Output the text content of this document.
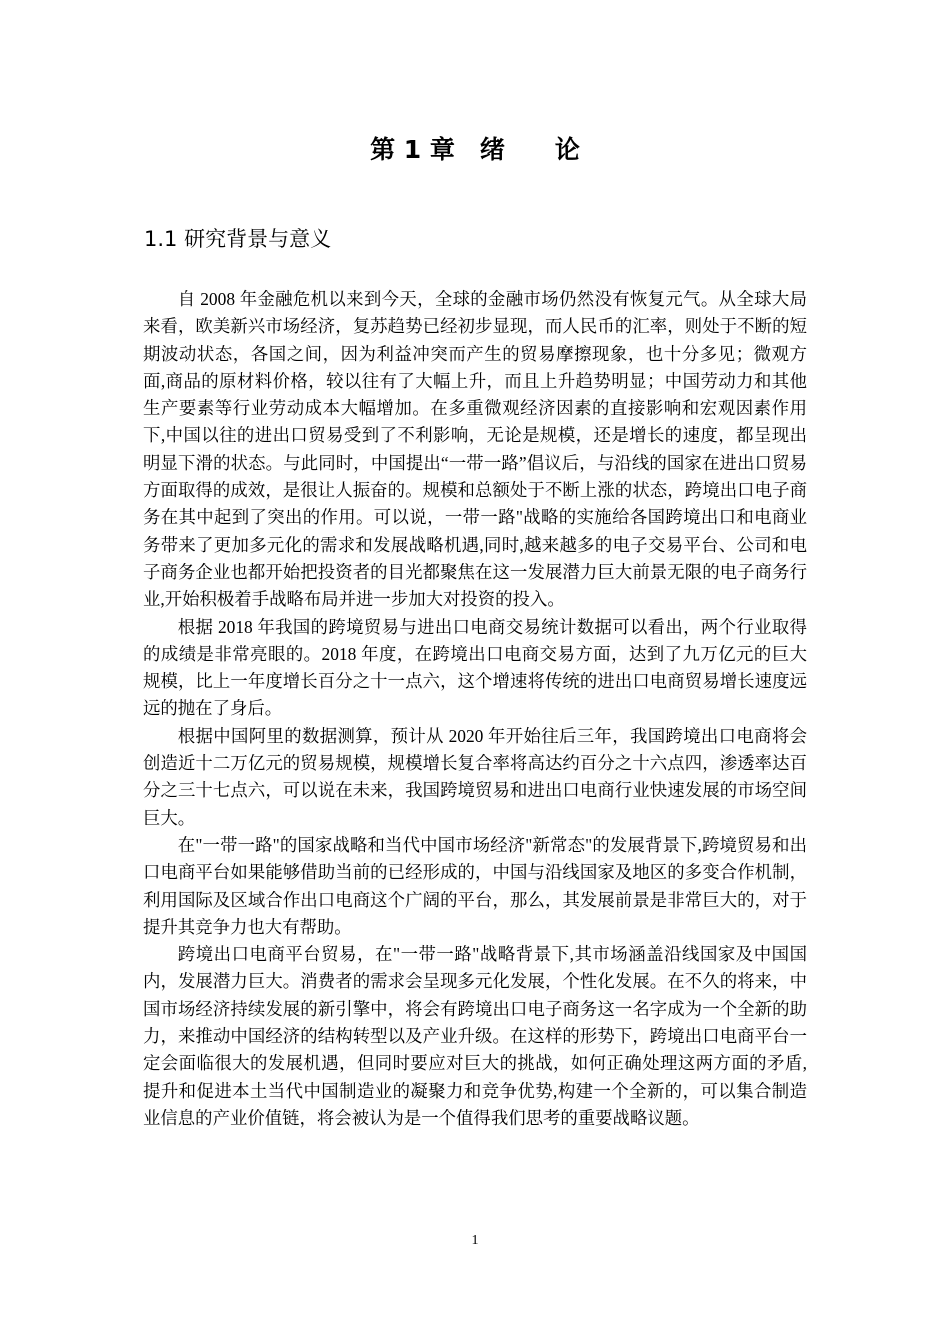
第 1 章　绪　　论
1.1 研究背景与意义

自 2008 年金融危机以来到今天，全球的金融市场仍然没有恢复元气。从全球大局来看，欧美新兴市场经济，复苏趋势已经初步显现，而人民币的汇率，则处于不断的短期波动状态，各国之间，因为利益冲突而产生的贸易摩擦现象，也十分多见；微观方面,商品的原材料价格，较以往有了大幅上升，而且上升趋势明显；中国劳动力和其他生产要素等行业劳动成本大幅增加。在多重微观经济因素的直接影响和宏观因素作用下,中国以往的进出口贸易受到了不利影响，无论是规模，还是增长的速度，都呈现出明显下滑的状态。与此同时，中国提出“一带一路”倡议后，与沿线的国家在进出口贸易方面取得的成效，是很让人振奋的。规模和总额处于不断上涨的状态，跨境出口电子商务在其中起到了突出的作用。可以说，一带一路"战略的实施给各国跨境出口和电商业务带来了更加多元化的需求和发展战略机遇,同时,越来越多的电子交易平台、公司和电子商务企业也都开始把投资者的目光都聚焦在这一发展潜力巨大前景无限的电子商务行业,开始积极着手战略布局并进一步加大对投资的投入。

根据 2018 年我国的跨境贸易与进出口电商交易统计数据可以看出，两个行业取得的成绩是非常亮眼的。2018 年度，在跨境出口电商交易方面，达到了九万亿元的巨大规模，比上一年度增长百分之十一点六，这个增速将传统的进出口电商贸易增长速度远远的抛在了身后。

根据中国阿里的数据测算，预计从 2020 年开始往后三年，我国跨境出口电商将会创造近十二万亿元的贸易规模，规模增长复合率将高达约百分之十六点四，渗透率达百分之三十七点六，可以说在未来，我国跨境贸易和进出口电商行业快速发展的市场空间巨大。

在"一带一路"的国家战略和当代中国市场经济"新常态"的发展背景下,跨境贸易和出口电商平台如果能够借助当前的已经形成的，中国与沿线国家及地区的多变合作机制，利用国际及区域合作出口电商这个广阔的平台，那么，其发展前景是非常巨大的，对于提升其竞争力也大有帮助。

跨境出口电商平台贸易，在"一带一路"战略背景下,其市场涵盖沿线国家及中国国内，发展潜力巨大。消费者的需求会呈现多元化发展，个性化发展。在不久的将来，中国市场经济持续发展的新引擎中，将会有跨境出口电子商务这一名字成为一个全新的助力，来推动中国经济的结构转型以及产业升级。在这样的形势下，跨境出口电商平台一定会面临很大的发展机遇，但同时要应对巨大的挑战，如何正确处理这两方面的矛盾,提升和促进本土当代中国制造业的凝聚力和竞争优势,构建一个全新的，可以集合制造业信息的产业价值链，将会被认为是一个值得我们思考的重要战略议题。

1
